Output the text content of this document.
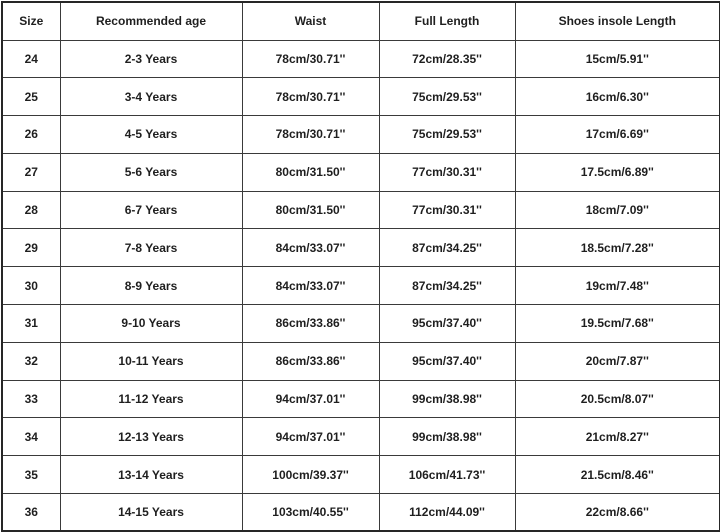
Size	Recommended age	Waist	Full Length	Shoes insole Length
24	2-3 Years	78cm/30.71''	72cm/28.35''	15cm/5.91''
25	3-4 Years	78cm/30.71''	75cm/29.53''	16cm/6.30''
26	4-5 Years	78cm/30.71''	75cm/29.53''	17cm/6.69''
27	5-6 Years	80cm/31.50''	77cm/30.31''	17.5cm/6.89''
28	6-7 Years	80cm/31.50''	77cm/30.31''	18cm/7.09''
29	7-8 Years	84cm/33.07''	87cm/34.25''	18.5cm/7.28''
30	8-9 Years	84cm/33.07''	87cm/34.25''	19cm/7.48''
31	9-10 Years	86cm/33.86''	95cm/37.40''	19.5cm/7.68''
32	10-11 Years	86cm/33.86''	95cm/37.40''	20cm/7.87''
33	11-12 Years	94cm/37.01''	99cm/38.98''	20.5cm/8.07''
34	12-13 Years	94cm/37.01''	99cm/38.98''	21cm/8.27''
35	13-14 Years	100cm/39.37''	106cm/41.73''	21.5cm/8.46''
36	14-15 Years	103cm/40.55''	112cm/44.09''	22cm/8.66''
